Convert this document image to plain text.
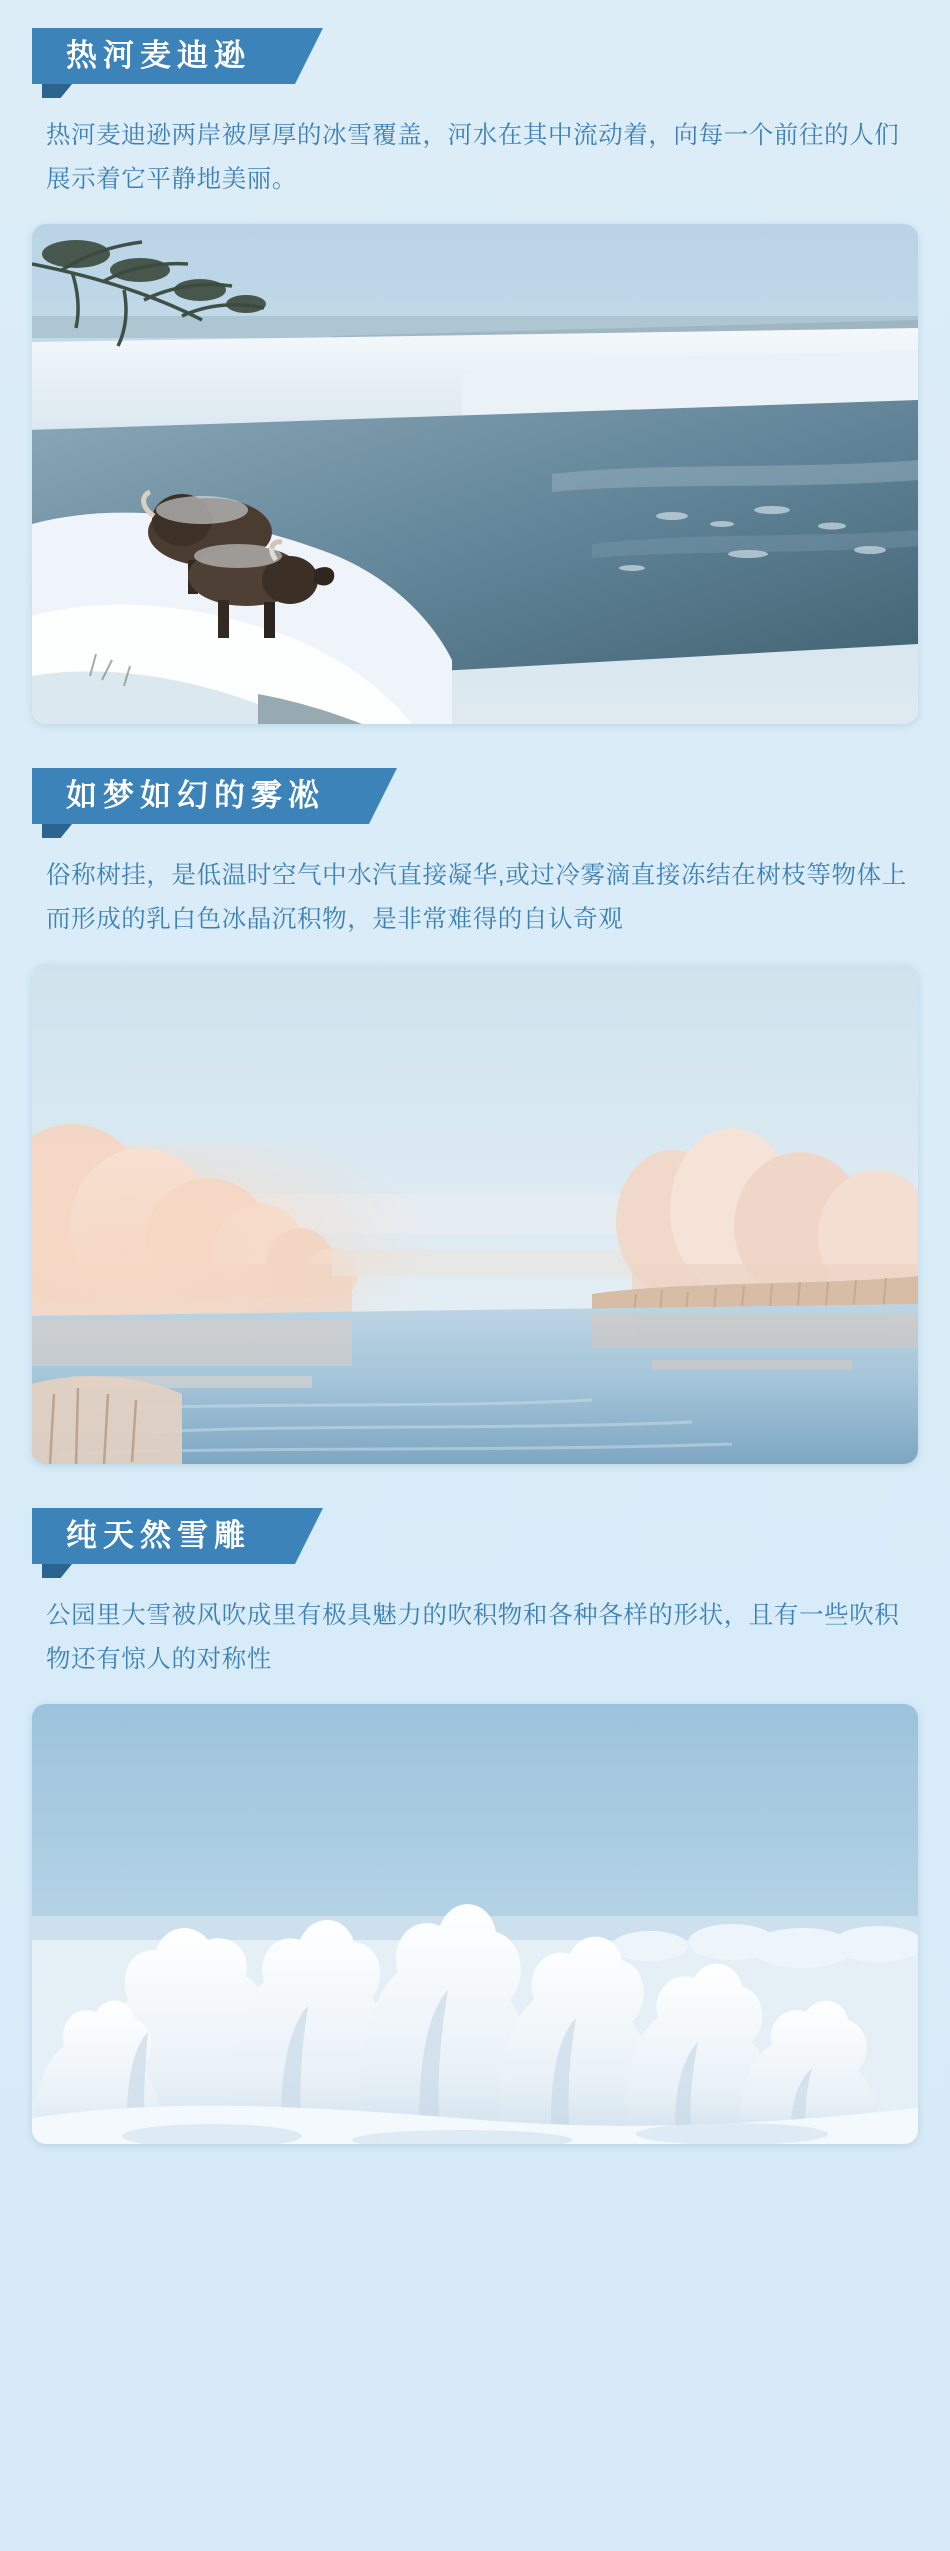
热河麦迪逊

热河麦迪逊两岸被厚厚的冰雪覆盖，河水在其中流动着，向每一个前往的人们展示着它平静地美丽。

如梦如幻的雾凇

俗称树挂，是低温时空气中水汽直接凝华,或过冷雾滴直接冻结在树枝等物体上而形成的乳白色冰晶沉积物，是非常难得的自认奇观

纯天然雪雕

公园里大雪被风吹成里有极具魅力的吹积物和各种各样的形状，且有一些吹积物还有惊人的对称性
